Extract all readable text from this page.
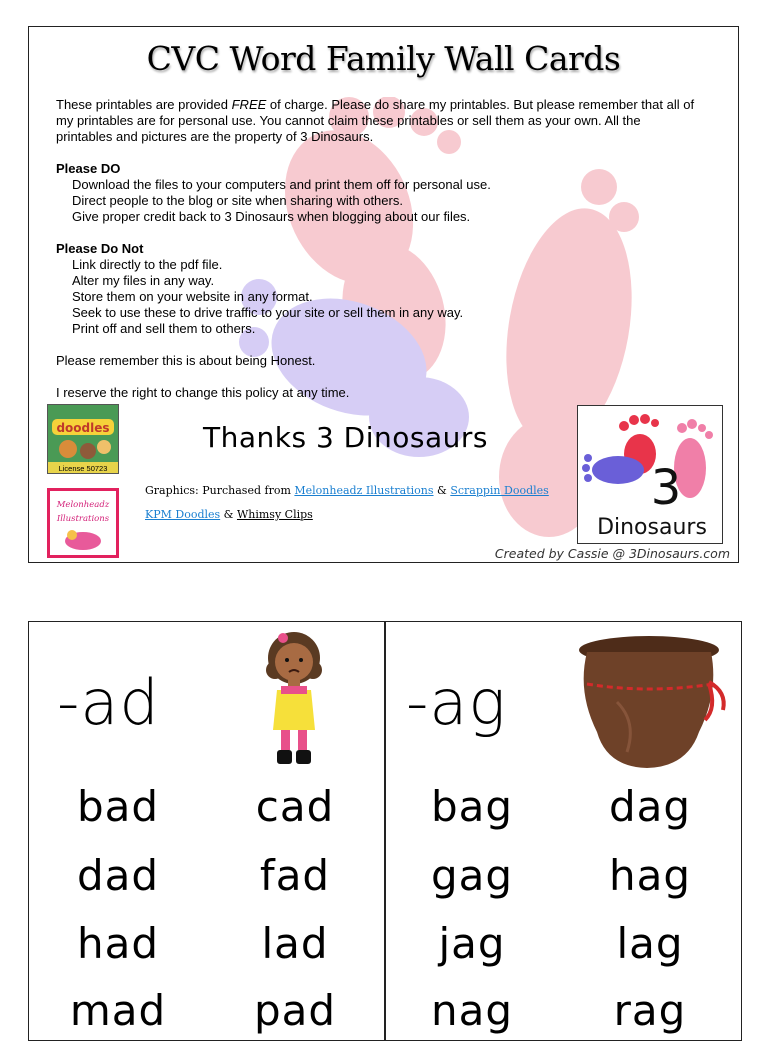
CVC Word Family Wall Cards

These printables are provided FREE of charge. Please do share my printables. But please remember that all of my printables are for personal use. You cannot claim these printables or sell them as your own. All the printables and pictures are the property of 3 Dinosaurs.

Please DO

Download the files to your computers and print them off for personal use.

Direct people to the blog or site when sharing with others.

Give proper credit back to 3 Dinosaurs when blogging about our files.

Please Do Not

Link directly to the pdf file.

Alter my files in any way.

Store them on your website in any format.

Seek to use these to drive traffic to your site or sell them in any way.

Print off and sell them to others.

Please remember this is about being Honest.

I reserve the right to change this policy at any time.

doodles
License 50723
Melonheadz
Illustrations
Thanks 3 Dinosaurs
Graphics: Purchased from Melonheadz Illustrations & Scrappin Doodles
KPM Doodles & Whimsy Clips	3
Dinosaurs
Created by Cassie @ 3Dinosaurs.com
-ad
bad	cad
dad	fad
had	lad
mad	pad
-ag
bag	dag
gag	hag
jag	lag
nag	rag
